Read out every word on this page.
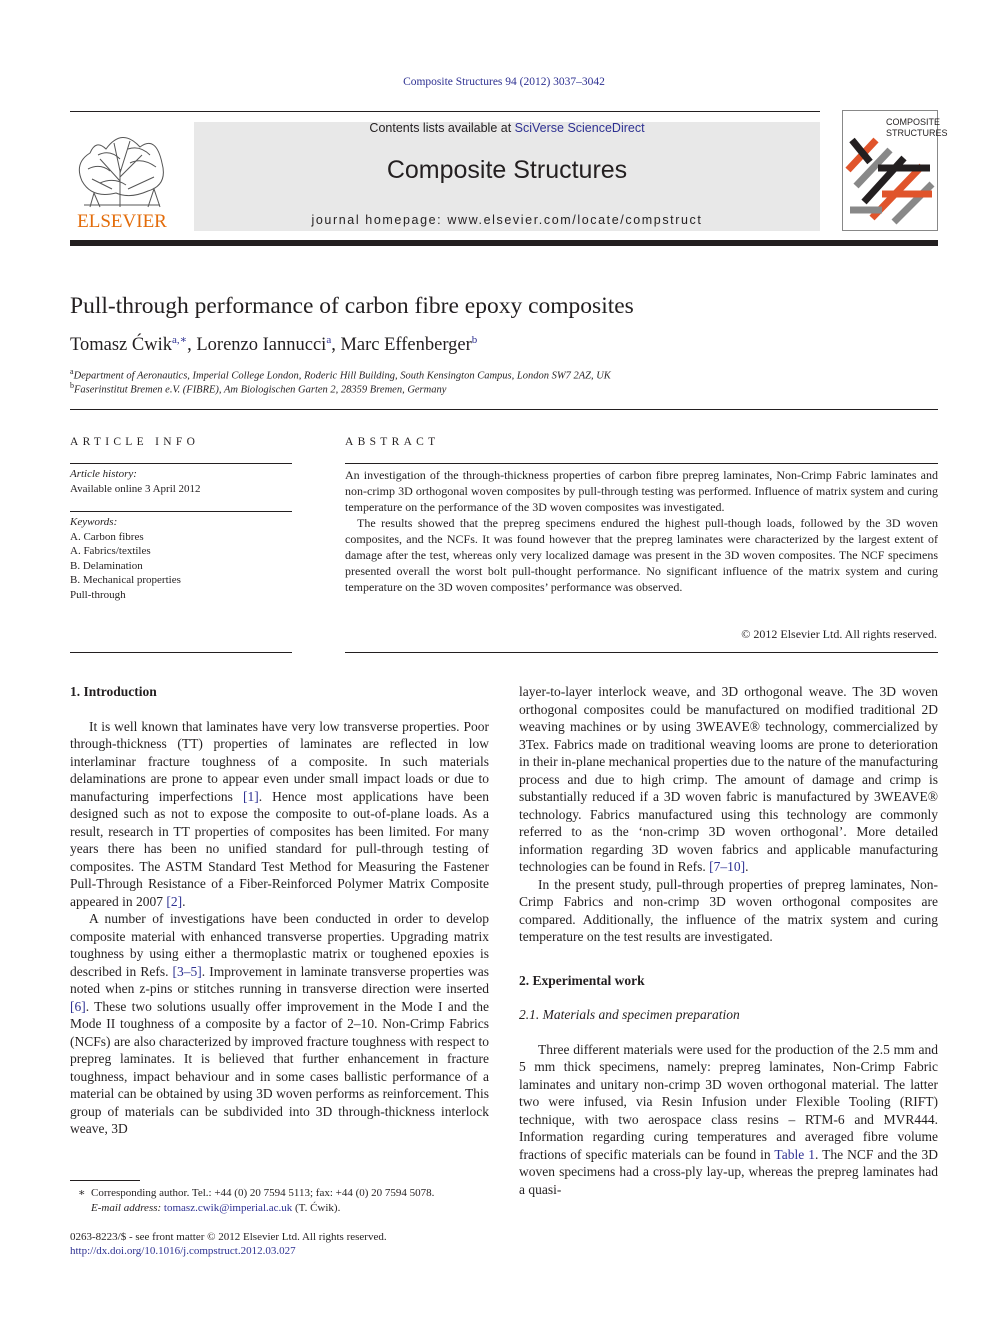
Composite Structures 94 (2012) 3037–3042
ELSEVIER
Contents lists available at SciVerse ScienceDirect
Composite Structures
journal homepage: www.elsevier.com/locate/compstruct
COMPOSITE
STRUCTURES
Pull-through performance of carbon fibre epoxy composites
Tomasz Ćwik$^{a,∗}$, Lorenzo Iannucci$^a$, Marc Effenberger$^b$
$^a$Department of Aeronautics, Imperial College London, Roderic Hill Building, South Kensington Campus, London SW7 2AZ, UK
$^b$Faserinstitut Bremen e.V. (FIBRE), Am Biologischen Garten 2, 28359 Bremen, Germany
ARTICLE INFO
Article history:
Available online 3 April 2012
Keywords:
A. Carbon fibres
A. Fabrics/textiles
B. Delamination
B. Mechanical properties
Pull-through
ABSTRACT

An investigation of the through-thickness properties of carbon fibre prepreg laminates, Non-Crimp Fabric laminates and non-crimp 3D orthogonal woven composites by pull-through testing was performed. Influence of matrix system and curing temperature on the performance of the 3D woven composites was investigated.

The results showed that the prepreg specimens endured the highest pull-though loads, followed by the 3D woven composites, and the NCFs. It was found however that the prepreg laminates were characterized by the largest extent of damage after the test, whereas only very localized damage was present in the 3D woven composites. The NCF specimens presented overall the worst bolt pull-thought performance. No significant influence of the matrix system and curing temperature on the 3D woven composites’ performance was observed.

© 2012 Elsevier Ltd. All rights reserved.
1. Introduction

It is well known that laminates have very low transverse properties. Poor through-thickness (TT) properties of laminates are reflected in low interlaminar fracture toughness of a composite. In such materials delaminations are prone to appear even under small impact loads or due to manufacturing imperfections [1]. Hence most applications have been designed such as not to expose the composite to out-of-plane loads. As a result, research in TT properties of composites has been limited. For many years there has been no unified standard for pull-through testing of composites. The ASTM Standard Test Method for Measuring the Fastener Pull-Through Resistance of a Fiber-Reinforced Polymer Matrix Composite appeared in 2007 [2].

A number of investigations have been conducted in order to develop composite material with enhanced transverse properties. Upgrading matrix toughness by using either a thermoplastic matrix or toughened epoxies is described in Refs. [3–5]. Improvement in laminate transverse properties was noted when z-pins or stitches running in transverse direction were inserted [6]. These two solutions usually offer improvement in the Mode I and the Mode II toughness of a composite by a factor of 2–10. Non-Crimp Fabrics (NCFs) are also characterized by improved fracture toughness with respect to prepreg laminates. It is believed that further enhancement in fracture toughness, impact behaviour and in some cases ballistic performance of a material can be obtained by using 3D woven performs as reinforcement. This group of materials can be subdivided into 3D through-thickness interlock weave, 3D

layer-to-layer interlock weave, and 3D orthogonal weave. The 3D woven orthogonal composites could be manufactured on modified traditional 2D weaving machines or by using 3WEAVE® technology, commercialized by 3Tex. Fabrics made on traditional weaving looms are prone to deterioration in their in-plane mechanical properties due to the nature of the manufacturing process and due to high crimp. The amount of damage and crimp is substantially reduced if a 3D woven fabric is manufactured by 3WEAVE® technology. Fabrics manufactured using this technology are commonly referred to as the ‘non-crimp 3D woven orthogonal’. More detailed information regarding 3D woven fabrics and applicable manufacturing technologies can be found in Refs. [7–10].

In the present study, pull-through properties of prepreg laminates, Non-Crimp Fabrics and non-crimp 3D woven orthogonal composites are compared. Additionally, the influence of the matrix system and curing temperature on the test results are investigated.

2. Experimental work
2.1. Materials and specimen preparation

Three different materials were used for the production of the 2.5 mm and 5 mm thick specimens, namely: prepreg laminates, Non-Crimp Fabric laminates and unitary non-crimp 3D woven orthogonal material. The latter two were infused, via Resin Infusion under Flexible Tooling (RIFT) technique, with two aerospace class resins – RTM-6 and MVR444. Information regarding curing temperatures and averaged fibre volume fractions of specific materials can be found in Table 1. The NCF and the 3D woven specimens had a cross-ply lay-up, whereas the prepreg laminates had a quasi-

∗ Corresponding author. Tel.: +44 (0) 20 7594 5113; fax: +44 (0) 20 7594 5078.
E-mail address: tomasz.cwik@imperial.ac.uk (T. Ćwik).
0263-8223/$ - see front matter © 2012 Elsevier Ltd. All rights reserved.
http://dx.doi.org/10.1016/j.compstruct.2012.03.027
